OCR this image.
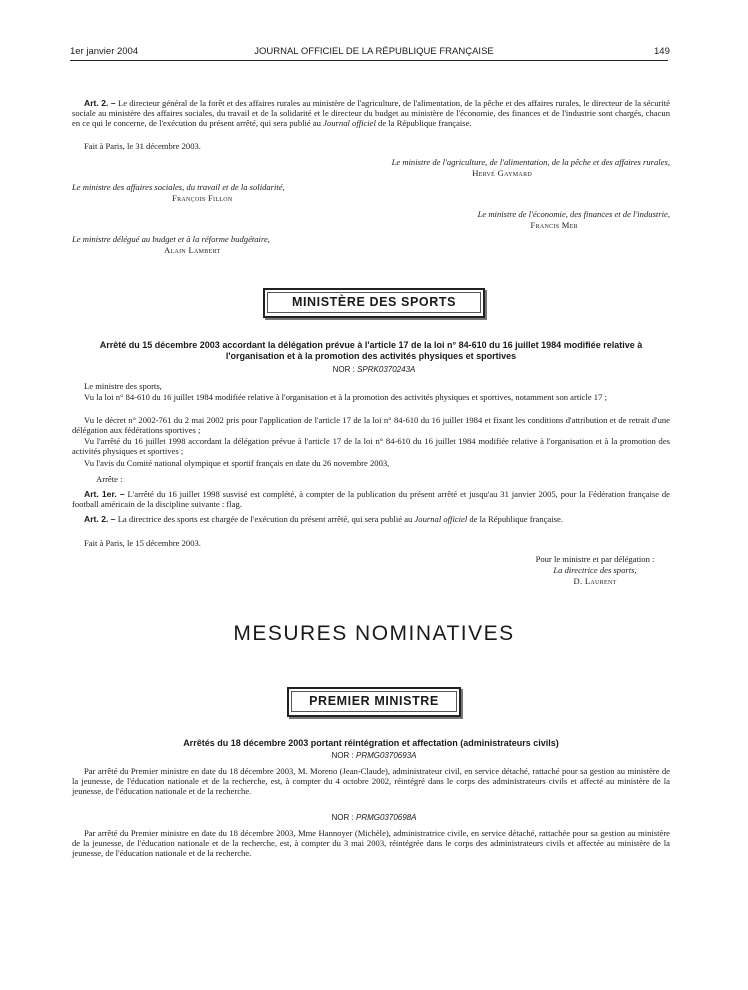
1er janvier 2004	JOURNAL OFFICIEL DE LA RÉPUBLIQUE FRANÇAISE	149
Art. 2. – Le directeur général de la forêt et des affaires rurales au ministère de l'agriculture, de l'alimentation, de la pêche et des affaires rurales, le directeur de la sécurité sociale au ministère des affaires sociales, du travail et de la solidarité et le directeur du budget au ministère de l'économie, des finances et de l'industrie sont chargés, chacun en ce qui le concerne, de l'exécution du présent arrêté, qui sera publié au Journal officiel de la République française.
Fait à Paris, le 31 décembre 2003.
Le ministre de l'agriculture, de l'alimentation, de la pêche et des affaires rurales,
Hervé Gaymard
Le ministre des affaires sociales, du travail et de la solidarité,
François Fillon
Le ministre de l'économie, des finances et de l'industrie,
Francis Mer
Le ministre délégué au budget et à la réforme budgétaire,
Alain Lambert
MINISTÈRE DES SPORTS
Arrêté du 15 décembre 2003 accordant la délégation prévue à l'article 17 de la loi n° 84-610 du 16 juillet 1984 modifiée relative à l'organisation et à la promotion des activités physiques et sportives
NOR : SPRK0370243A
Le ministre des sports,
Vu la loi n° 84-610 du 16 juillet 1984 modifiée relative à l'organisation et à la promotion des activités physiques et sportives, notamment son article 17 ;
Vu le décret n° 2002-761 du 2 mai 2002 pris pour l'application de l'article 17 de la loi n° 84-610 du 16 juillet 1984 et fixant les conditions d'attribution et de retrait d'une délégation aux fédérations sportives ;
Vu l'arrêté du 16 juillet 1998 accordant la délégation prévue à l'article 17 de la loi n° 84-610 du 16 juillet 1984 modifiée relative à l'organisation et à la promotion des activités physiques et sportives ;
Vu l'avis du Comité national olympique et sportif français en date du 26 novembre 2003,
Arrête :
Art. 1er. – L'arrêté du 16 juillet 1998 susvisé est complété, à compter de la publication du présent arrêté et jusqu'au 31 janvier 2005, pour la Fédération française de football américain de la discipline suivante : flag.
Art. 2. – La directrice des sports est chargée de l'exécution du présent arrêté, qui sera publié au Journal officiel de la République française.
Fait à Paris, le 15 décembre 2003.
Pour le ministre et par délégation :
La directrice des sports,
D. Laurent
MESURES NOMINATIVES
PREMIER MINISTRE
Arrêtés du 18 décembre 2003 portant réintégration et affectation (administrateurs civils)
NOR : PRMG0370693A
Par arrêté du Premier ministre en date du 18 décembre 2003, M. Moreno (Jean-Claude), administrateur civil, en service détaché, rattaché pour sa gestion au ministère de la jeunesse, de l'éducation nationale et de la recherche, est, à compter du 4 octobre 2002, réintégré dans le corps des administrateurs civils et affecté au ministère de la jeunesse, de l'éducation nationale et de la recherche.
NOR : PRMG0370698A
Par arrêté du Premier ministre en date du 18 décembre 2003, Mme Hannoyer (Michèle), administratrice civile, en service détaché, rattachée pour sa gestion au ministère de la jeunesse, de l'éducation nationale et de la recherche, est, à compter du 3 mai 2003, réintégrée dans le corps des administrateurs civils et affectée au ministère de la jeunesse, de l'éducation nationale et de la recherche.
